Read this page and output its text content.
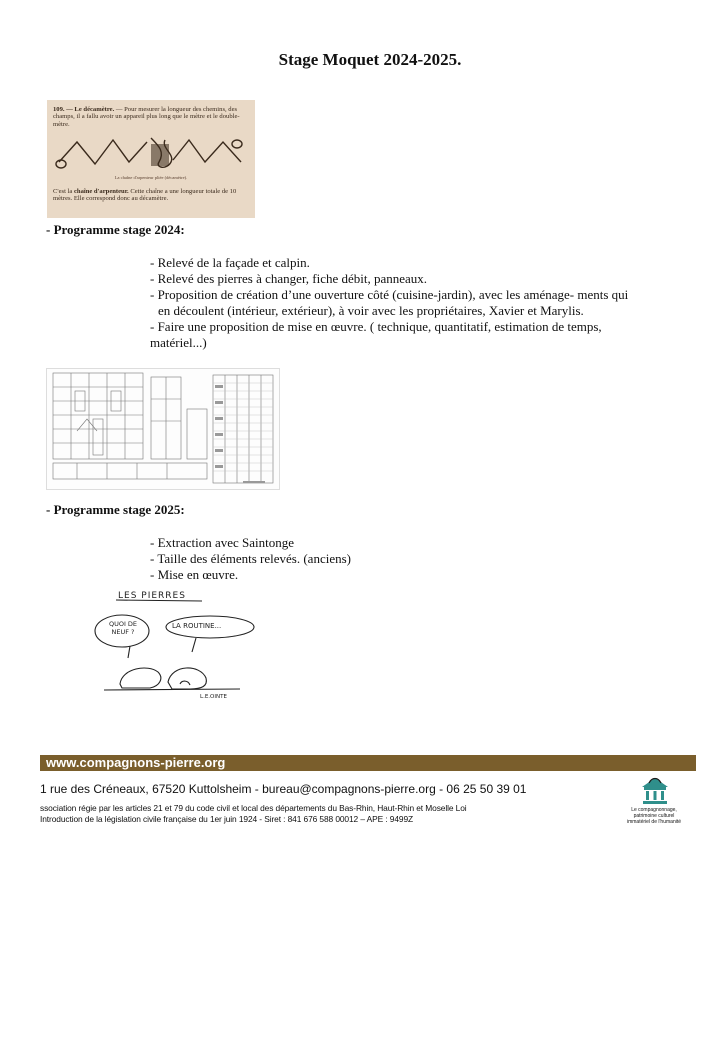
Stage Moquet 2024-2025.
109. — Le décamètre. — Pour mesurer la longueur des chemins, des champs, il a fallu avoir un appareil plus long que le mètre et le double-mètre.
La chaîne d'arpenteur pliée (décamètre).
C'est la chaîne d'arpenteur. Cette chaîne a une longueur totale de 10 mètres. Elle correspond donc au décamètre.
- Programme stage 2024:
- Relevé de la façade et calpin.
- Relevé des pierres à changer, fiche débit, panneaux.
- Proposition de création d’une ouverture côté (cuisine-jardin), avec les aménage- ments qui en découlent (intérieur, extérieur), à voir avec les propriétaires, Xavier et Marylis.
- Faire une proposition de mise en œuvre. ( technique, quantitatif, estimation de temps, matériel...)
- Programme stage 2025:
- Extraction avec Saintonge
- Taille des éléments relevés. (anciens)
- Mise en œuvre.
LES PIERRES
QUOI DE
NEUF ?
LA ROUTINE...
L.E.OINTE
www.compagnons-pierre.org
1 rue des Créneaux, 67520 Kuttolsheim - bureau@compagnons-pierre.org - 06 25 50 39 01
ssociation régie par les articles 21 et 79 du code civil et local des départements du Bas-Rhin, Haut-Rhin et Moselle Loi
Introduction de la législation civile française du 1er juin 1924 - Siret : 841 676 588 00012 – APE : 9499Z
Le compagnonnage,
patrimoine culturel
immatériel de l'humanité
